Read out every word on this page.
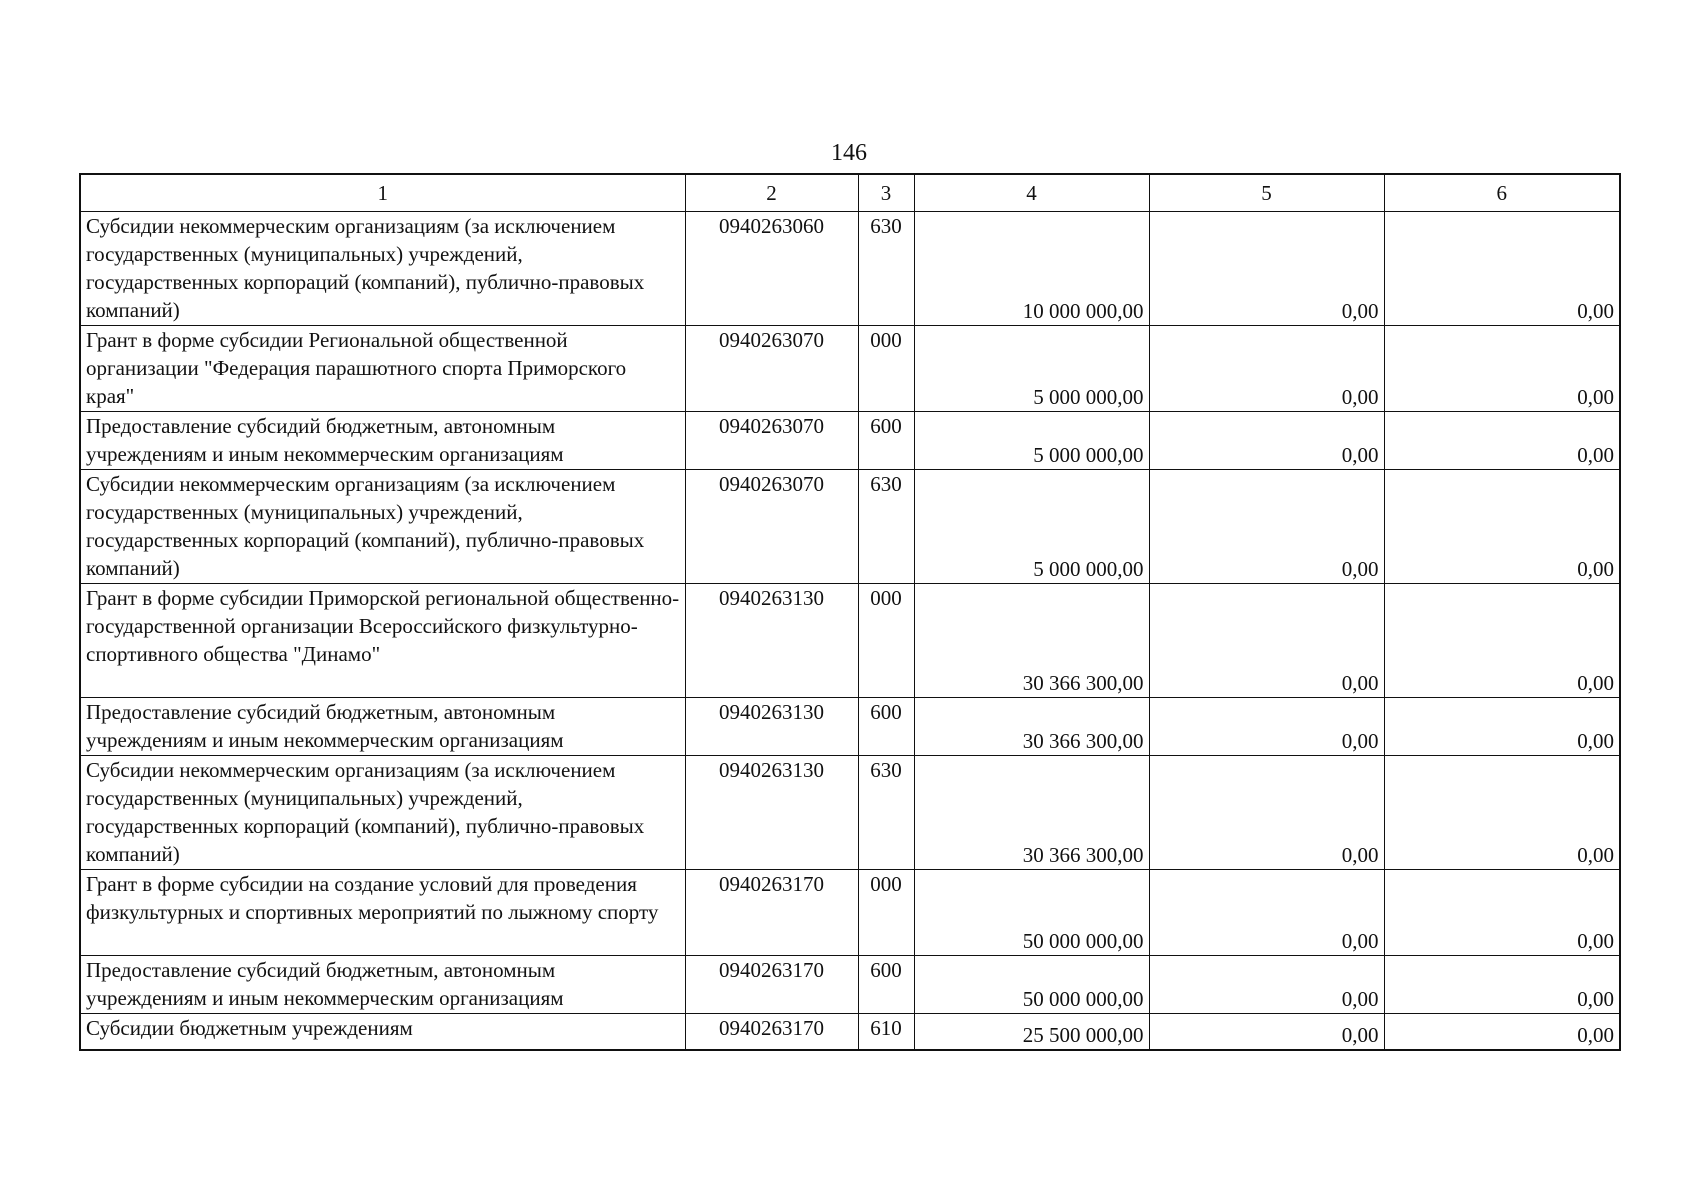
146
1	2	3	4	5	6
Субсидии некоммерческим организациям (за исключением государственных (муниципальных) учреждений, государственных корпораций (компаний), публично-правовых компаний)	0940263060	630	10 000 000,00	0,00	0,00
Грант в форме субсидии Региональной общественной организации "Федерация парашютного спорта Приморского края"	0940263070	000	5 000 000,00	0,00	0,00
Предоставление субсидий бюджетным, автономным учреждениям и иным некоммерческим организациям	0940263070	600	5 000 000,00	0,00	0,00
Субсидии некоммерческим организациям (за исключением государственных (муниципальных) учреждений, государственных корпораций (компаний), публично-правовых компаний)	0940263070	630	5 000 000,00	0,00	0,00
Грант в форме субсидии Приморской региональной общественно-государственной организации Всероссийского физкультурно-спортивного общества "Динамо"	0940263130	000	30 366 300,00	0,00	0,00
Предоставление субсидий бюджетным, автономным учреждениям и иным некоммерческим организациям	0940263130	600	30 366 300,00	0,00	0,00
Субсидии некоммерческим организациям (за исключением государственных (муниципальных) учреждений, государственных корпораций (компаний), публично-правовых компаний)	0940263130	630	30 366 300,00	0,00	0,00
Грант в форме субсидии на создание условий для проведения физкультурных и спортивных мероприятий по лыжному спорту	0940263170	000	50 000 000,00	0,00	0,00
Предоставление субсидий бюджетным, автономным учреждениям и иным некоммерческим организациям	0940263170	600	50 000 000,00	0,00	0,00
Субсидии бюджетным учреждениям	0940263170	610	25 500 000,00	0,00	0,00
